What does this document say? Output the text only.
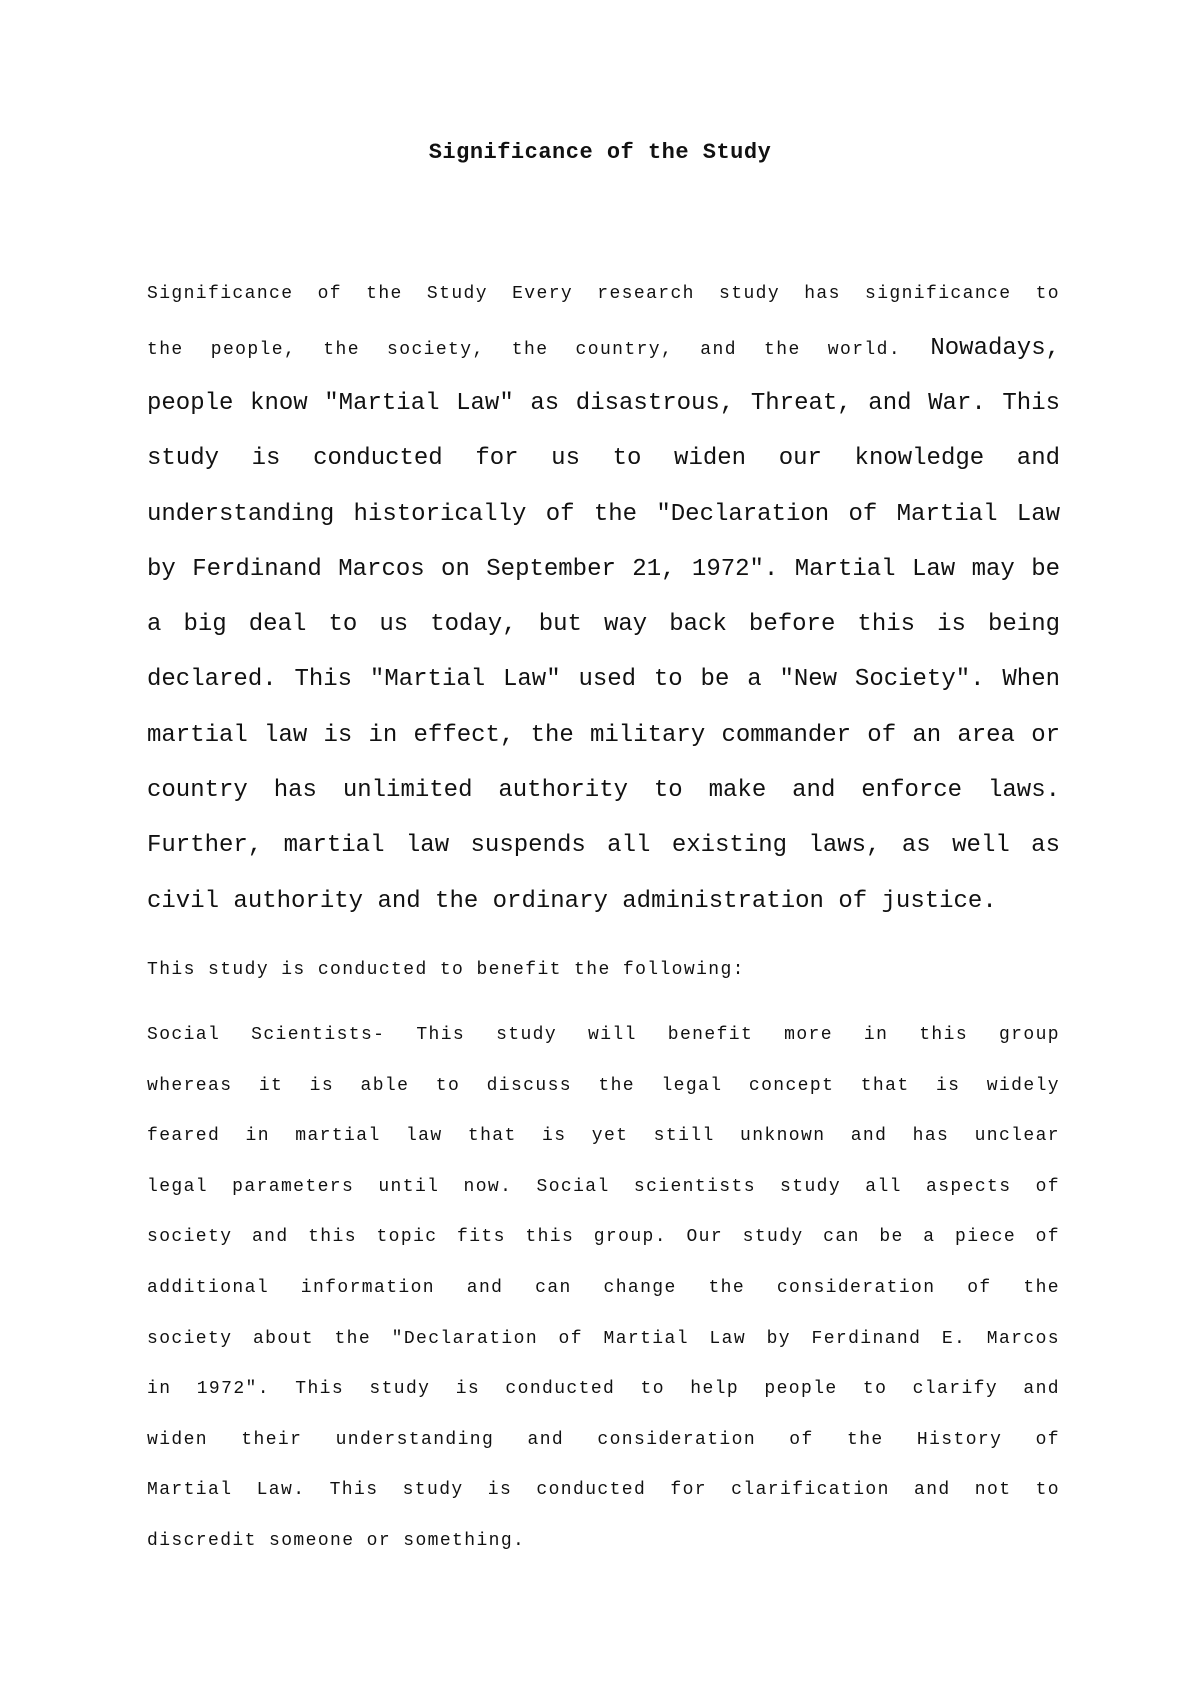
Significance of the Study
Significance of the Study Every research study has significance to
the people, the society, the country, and the world. Nowadays,
people know "Martial Law" as disastrous, Threat, and War. This
study is conducted for us to widen our knowledge and
understanding historically of the "Declaration of Martial Law
by Ferdinand Marcos on September 21, 1972". Martial Law may be
a big deal to us today, but way back before this is being
declared. This "Martial Law" used to be a "New Society". When
martial law is in effect, the military commander of an area or
country has unlimited authority to make and enforce laws.
Further, martial law suspends all existing laws, as well as
civil authority and the ordinary administration of justice.

This study is conducted to benefit the following:

Social Scientists- This study will benefit more in this group
whereas it is able to discuss the legal concept that is widely
feared in martial law that is yet still unknown and has unclear
legal parameters until now. Social scientists study all aspects of
society and this topic fits this group. Our study can be a piece of
additional information and can change the consideration of the
society about the "Declaration of Martial Law by Ferdinand E. Marcos
in 1972". This study is conducted to help people to clarify and
widen their understanding and consideration of the History of
Martial Law. This study is conducted for clarification and not to
discredit someone or something.
